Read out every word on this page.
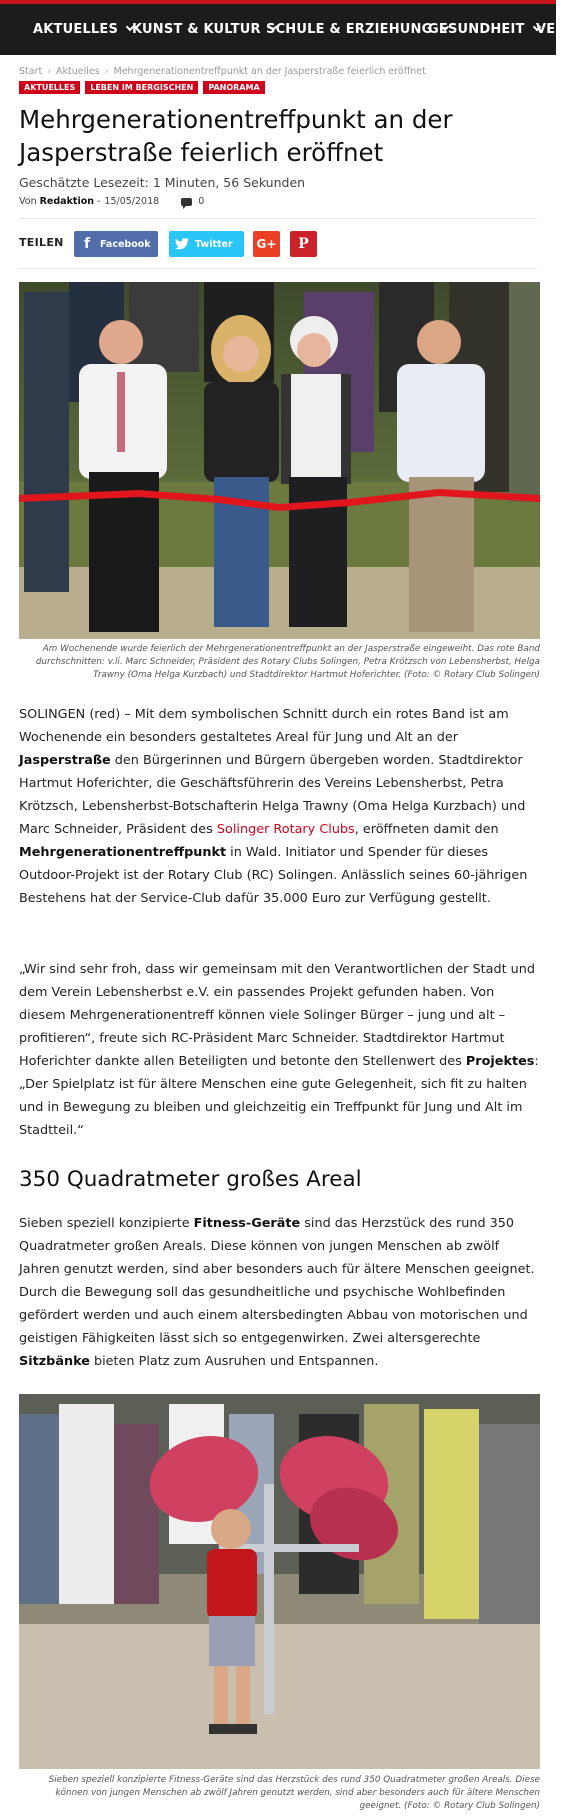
AKTUELLES	KUNST & KULTUR SCHULE & ERZIEHUNG
GESUNDHEIT VER
Start › Aktuelles › Mehrgenerationentreffpunkt an der Jasperstraße feierlich eröffnet
AKTUELLES	LEBEN IM BERGISCHEN	PANORAMA
Mehrgenerationentreffpunkt an der Jasperstraße feierlich eröffnet
Geschätzte Lesezeit: 1 Minuten, 56 Sekunden
Von Redaktion - 15/05/2018	0
TEILEN	f	Facebook	Twitter G+ P
Am Wochenende wurde feierlich der Mehrgenerationentreffpunkt an der Jasperstraße eingeweiht. Das rote Band durchschnitten: v.li. Marc Schneider, Präsident des Rotary Clubs Solingen, Petra Krötzsch von Lebensherbst, Helga Trawny (Oma Helga Kurzbach) und Stadtdirektor Hartmut Hoferichter. (Foto: © Rotary Club Solingen)

SOLINGEN (red) – Mit dem symbolischen Schnitt durch ein rotes Band ist am Wochenende ein besonders gestaltetes Areal für Jung und Alt an der Jasperstraße den Bürgerinnen und Bürgern übergeben worden. Stadtdirektor Hartmut Hoferichter, die Geschäftsführerin des Vereins Lebensherbst, Petra Krötzsch, Lebensherbst-Botschafterin Helga Trawny (Oma Helga Kurzbach) und Marc Schneider, Präsident des Solinger Rotary Clubs, eröffneten damit den Mehrgenerationentreffpunkt in Wald. Initiator und Spender für dieses Outdoor-Projekt ist der Rotary Club (RC) Solingen. Anlässlich seines 60-jährigen Bestehens hat der Service-Club dafür 35.000 Euro zur Verfügung gestellt.

„Wir sind sehr froh, dass wir gemeinsam mit den Verantwortlichen der Stadt und dem Verein Lebensherbst e.V. ein passendes Projekt gefunden haben. Von diesem Mehrgenerationentreff können viele Solinger Bürger – jung und alt – profitieren“, freute sich RC-Präsident Marc Schneider. Stadtdirektor Hartmut Hoferichter dankte allen Beteiligten und betonte den Stellenwert des Projektes: „Der Spielplatz ist für ältere Menschen eine gute Gelegenheit, sich fit zu halten und in Bewegung zu bleiben und gleichzeitig ein Treffpunkt für Jung und Alt im Stadtteil.“

350 Quadratmeter großes Areal

Sieben speziell konzipierte Fitness-Geräte sind das Herzstück des rund 350 Quadratmeter großen Areals. Diese können von jungen Menschen ab zwölf Jahren genutzt werden, sind aber besonders auch für ältere Menschen geeignet. Durch die Bewegung soll das gesundheitliche und psychische Wohlbefinden gefördert werden und auch einem altersbedingten Abbau von motorischen und geistigen Fähigkeiten lässt sich so entgegenwirken. Zwei altersgerechte Sitzbänke bieten Platz zum Ausruhen und Entspannen.

Sieben speziell konzipierte Fitness-Geräte sind das Herzstück des rund 350 Quadratmeter großen Areals. Diese können von jungen Menschen ab zwölf Jahren genutzt werden, sind aber besonders auch für ältere Menschen geeignet. (Foto: © Rotary Club Solingen)
